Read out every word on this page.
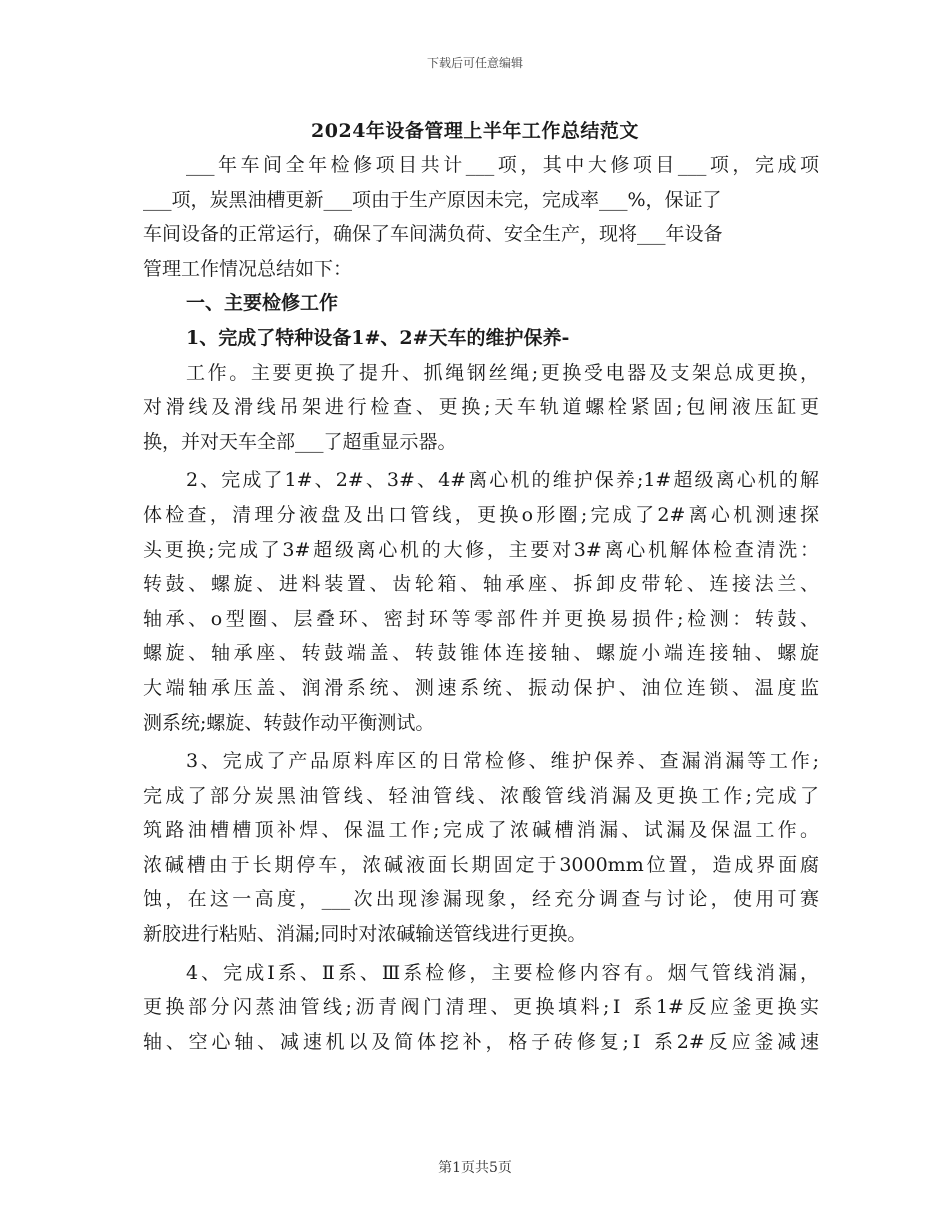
下载后可任意编辑
2024年设备管理上半年工作总结范文
___年车间全年检修项目共计___项，其中大修项目___项，完成项
___项，炭黑油槽更新___项由于生产原因未完，完成率___%，保证了
车间设备的正常运行，确保了车间满负荷、安全生产，现将___年设备
管理工作情况总结如下：
一、主要检修工作
1、完成了特种设备1#、2#天车的维护保养-
工作。主要更换了提升、抓绳钢丝绳;更换受电器及支架总成更换，
对滑线及滑线吊架进行检查、更换;天车轨道螺栓紧固;包闸液压缸更
换，并对天车全部___了超重显示器。
2、完成了1#、2#、3#、4#离心机的维护保养;1#超级离心机的解
体检查，清理分液盘及出口管线，更换o形圈;完成了2#离心机测速探
头更换;完成了3#超级离心机的大修，主要对3#离心机解体检查清洗：
转鼓、螺旋、进料装置、齿轮箱、轴承座、拆卸皮带轮、连接法兰、
轴承、o型圈、层叠环、密封环等零部件并更换易损件;检测：转鼓、
螺旋、轴承座、转鼓端盖、转鼓锥体连接轴、螺旋小端连接轴、螺旋
大端轴承压盖、润滑系统、测速系统、振动保护、油位连锁、温度监
测系统;螺旋、转鼓作动平衡测试。
3、完成了产品原料库区的日常检修、维护保养、查漏消漏等工作;
完成了部分炭黑油管线、轻油管线、浓酸管线消漏及更换工作;完成了
筑路油槽槽顶补焊、保温工作;完成了浓碱槽消漏、试漏及保温工作。
浓碱槽由于长期停车，浓碱液面长期固定于3000mm位置，造成界面腐
蚀，在这一高度，___次出现渗漏现象，经充分调查与讨论，使用可赛
新胶进行粘贴、消漏;同时对浓碱输送管线进行更换。
4、完成Ⅰ系、Ⅱ系、Ⅲ系检修，主要检修内容有。烟气管线消漏，
更换部分闪蒸油管线;沥青阀门清理、更换填料;Ⅰ 系1#反应釜更换实
轴、空心轴、减速机以及简体挖补，格子砖修复;Ⅰ 系2#反应釜减速
第1页共5页
